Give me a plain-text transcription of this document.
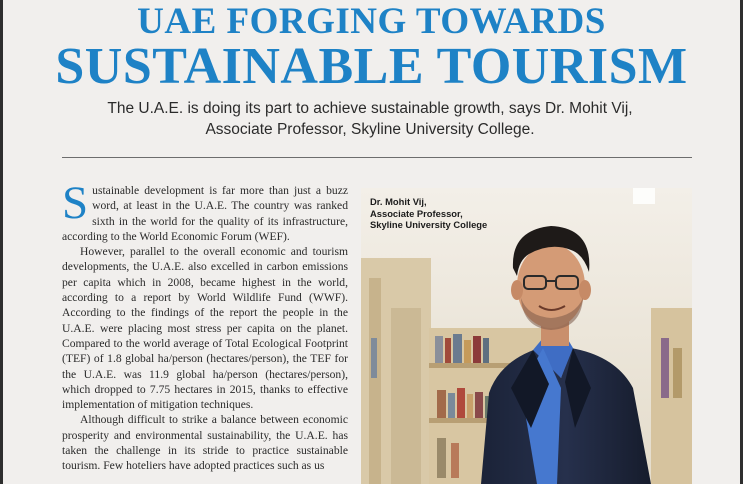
UAE FORGING TOWARDS
SUSTAINABLE TOURISM
The U.A.E. is doing its part to achieve sustainable growth, says Dr. Mohit Vij,
Associate Professor, Skyline University College.

Sustainable development is far more than just a buzz word, at least in the U.A.E. The country was ranked sixth in the world for the quality of its infrastructure, according to the World Economic Forum (WEF).

However, parallel to the overall economic and tourism developments, the U.A.E. also excelled in carbon emissions per capita which in 2008, became highest in the world, according to a report by World Wildlife Fund (WWF). According to the findings of the report the people in the U.A.E. were placing most stress per capita on the planet. Compared to the world average of Total Ecological Footprint (TEF) of 1.8 global ha/person (hectares/person), the TEF for the U.A.E. was 11.9 global ha/person (hectares/person), which dropped to 7.75 hectares in 2015, thanks to effective implementation of mitigation techniques.

Although difficult to strike a balance between economic prosperity and environmental sustainability, the U.A.E. has taken the challenge in its stride to practice sustainable tourism. Few hoteliers have adopted practices such as us

Dr. Mohit Vij,
Associate Professor,
Skyline University College
